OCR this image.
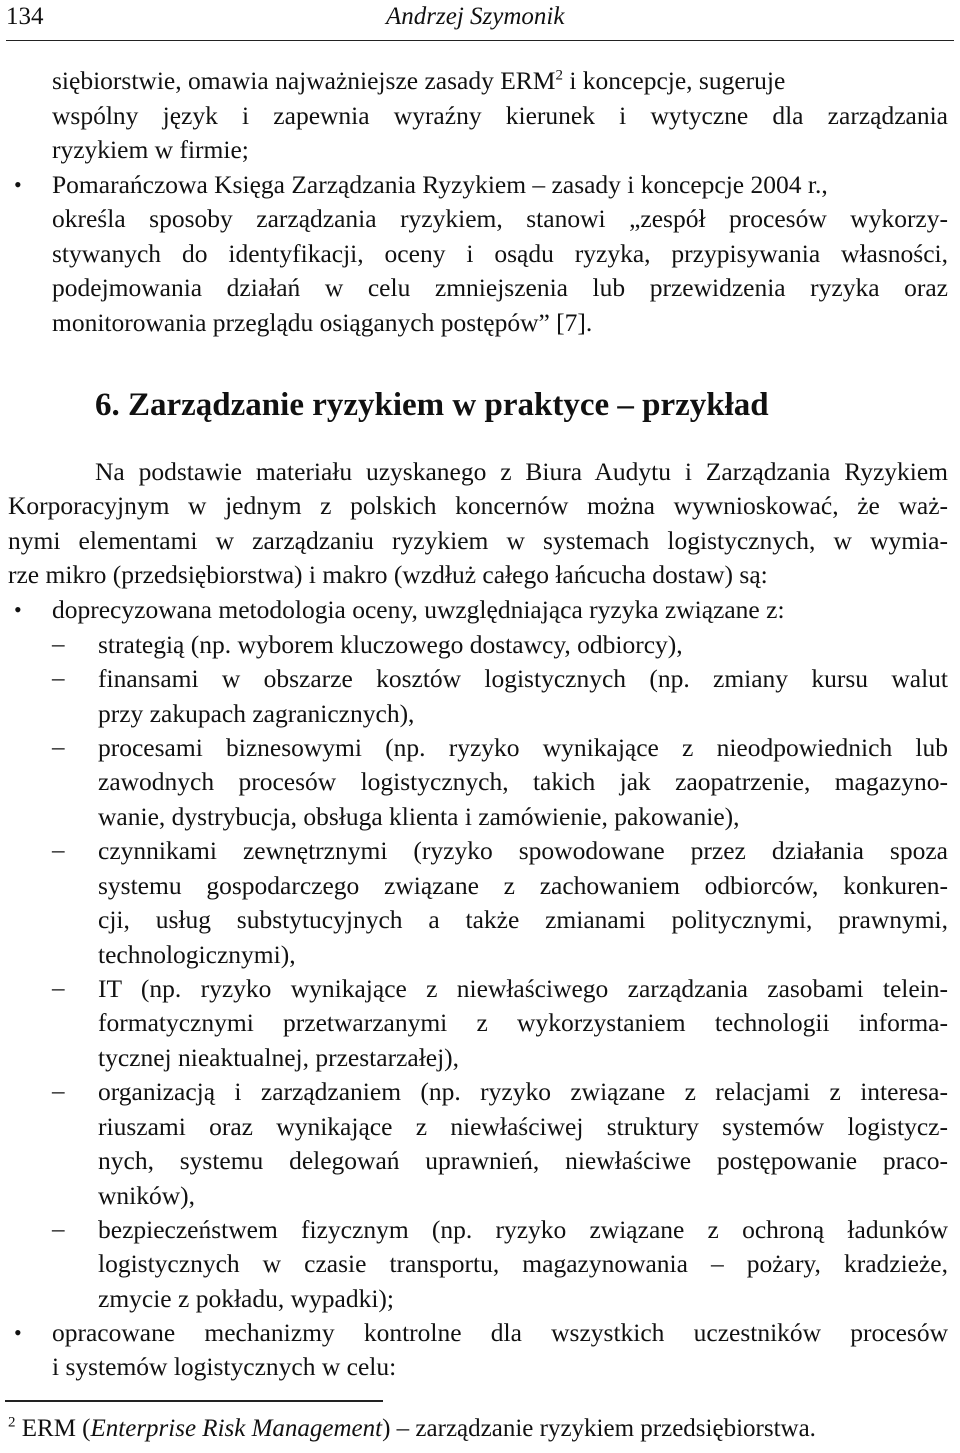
134	Andrzej Szymonik
siębiorstwie, omawia najważniejsze zasady ERM$^2$ i koncepcje, sugeruje
wspólny język i zapewnia wyraźny kierunek i wytyczne dla zarządzania
ryzykiem w firmie;
• Pomarańczowa Księga Zarządzania Ryzykiem – zasady i koncepcje 2004 r.,
określa sposoby zarządzania ryzykiem, stanowi „zespół procesów wykorzy-
stywanych do identyfikacji, oceny i osądu ryzyka, przypisywania własności,
podejmowania działań w celu zmniejszenia lub przewidzenia ryzyka oraz
monitorowania przeglądu osiąganych postępów” [7].
6. Zarządzanie ryzykiem w praktyce – przykład
Na podstawie materiału uzyskanego z Biura Audytu i Zarządzania Ryzykiem
Korporacyjnym w jednym z polskich koncernów można wywnioskować, że waż-
nymi elementami w zarządzaniu ryzykiem w systemach logistycznych, w wymia-
rze mikro (przedsiębiorstwa) i makro (wzdłuż całego łańcucha dostaw) są:
• doprecyzowana metodologia oceny, uwzględniająca ryzyka związane z:
– strategią (np. wyborem kluczowego dostawcy, odbiorcy),
– finansami w obszarze kosztów logistycznych (np. zmiany kursu walut
przy zakupach zagranicznych),
– procesami biznesowymi (np. ryzyko wynikające z nieodpowiednich lub
zawodnych procesów logistycznych, takich jak zaopatrzenie, magazyno-
wanie, dystrybucja, obsługa klienta i zamówienie, pakowanie),
– czynnikami zewnętrznymi (ryzyko spowodowane przez działania spoza
systemu gospodarczego związane z zachowaniem odbiorców, konkuren-
cji, usług substytucyjnych a także zmianami politycznymi, prawnymi,
technologicznymi),
– IT (np. ryzyko wynikające z niewłaściwego zarządzania zasobami telein-
formatycznymi przetwarzanymi z wykorzystaniem technologii informa-
tycznej nieaktualnej, przestarzałej),
– organizacją i zarządzaniem (np. ryzyko związane z relacjami z interesa-
riuszami oraz wynikające z niewłaściwej struktury systemów logistycz-
nych, systemu delegowań uprawnień, niewłaściwe postępowanie praco-
wników),
– bezpieczeństwem fizycznym (np. ryzyko związane z ochroną ładunków
logistycznych w czasie transportu, magazynowania – pożary, kradzieże,
zmycie z pokładu, wypadki);
• opracowane mechanizmy kontrolne dla wszystkich uczestników procesów
i systemów logistycznych w celu:
$^2$ ERM (Enterprise Risk Management) – zarządzanie ryzykiem przedsiębiorstwa.
